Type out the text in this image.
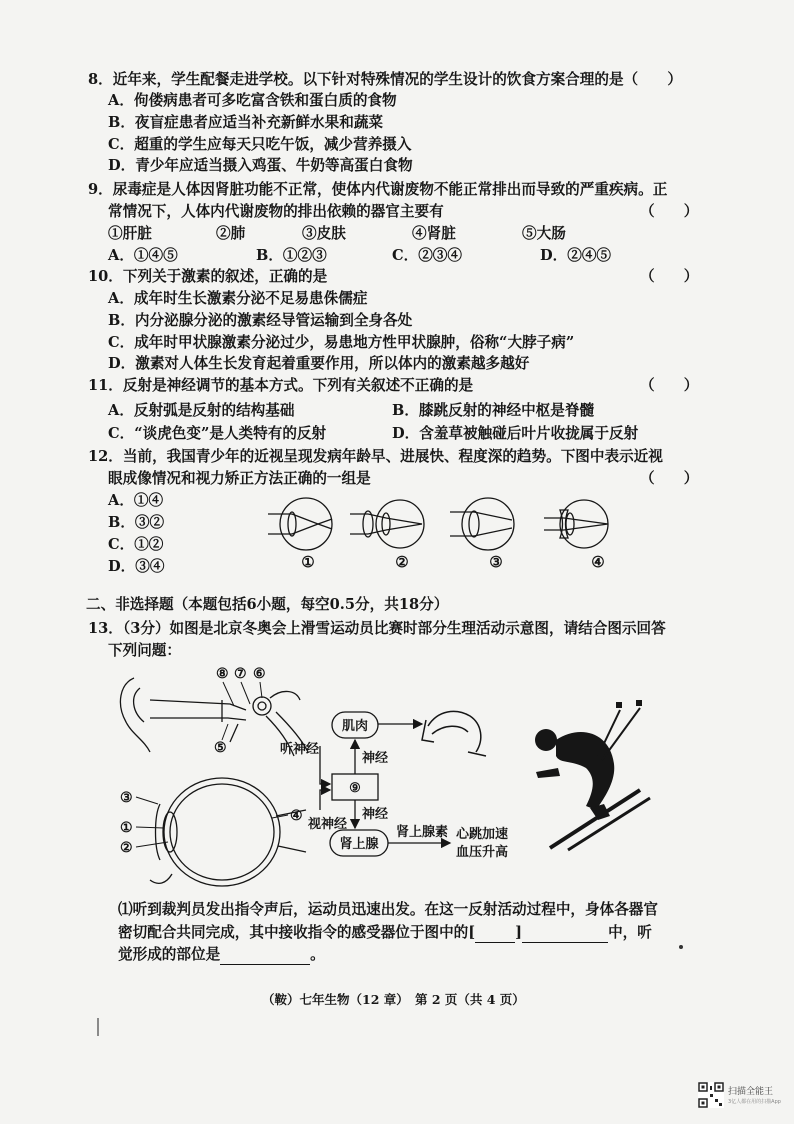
8．近年来，学生配餐走进学校。以下针对特殊情况的学生设计的饮食方案合理的是（　　）
A．佝偻病患者可多吃富含铁和蛋白质的食物
B．夜盲症患者应适当补充新鲜水果和蔬菜
C．超重的学生应每天只吃午饭，减少营养摄入
D．青少年应适当摄入鸡蛋、牛奶等高蛋白食物
9．尿毒症是人体因肾脏功能不正常，使体内代谢废物不能正常排出而导致的严重疾病。正
常情况下，人体内代谢废物的排出依赖的器官主要有	（　　）
①肝脏	②肺	③皮肤	④肾脏	⑤大肠
A．①④⑤	B．①②③	C．②③④	D．②④⑤
10．下列关于激素的叙述，正确的是	（　　）
A．成年时生长激素分泌不足易患侏儒症
B．内分泌腺分泌的激素经导管运输到全身各处
C．成年时甲状腺激素分泌过少，易患地方性甲状腺肿，俗称“大脖子病”
D．激素对人体生长发育起着重要作用，所以体内的激素越多越好
11．反射是神经调节的基本方式。下列有关叙述不正确的是	（　　）
A．反射弧是反射的结构基础	B．膝跳反射的神经中枢是脊髓
C．“谈虎色变”是人类特有的反射	D．含羞草被触碰后叶片收拢属于反射
12．当前，我国青少年的近视呈现发病年龄早、进展快、程度深的趋势。下图中表示近视
眼成像情况和视力矫正方法正确的一组是	（　　）
A．①④
B．③②
C．①②
D．③④	①	②	③	④
二、非选择题（本题包括6小题，每空0.5分，共18分）
13．（3分）如图是北京冬奥会上滑雪运动员比赛时部分生理活动示意图，请结合图示回答
下列问题：
⑧ ⑦ ⑥
⑤	听神经
③
①
②
④
视神经
肌肉
⑨
肾上腺
神经
神经
肾上腺素 心跳加速
血压升高
⑴听到裁判员发出指令声后，运动员迅速出发。在这一反射活动过程中，身体各器官
密切配合共同完成，其中接收指令的感受器位于图中的[	]	中，听
觉形成的部位是	。
（鞍）七年生物（12 章）　第 2 页（共 4 页）
扫描全能王
3亿人都在用的扫描App
